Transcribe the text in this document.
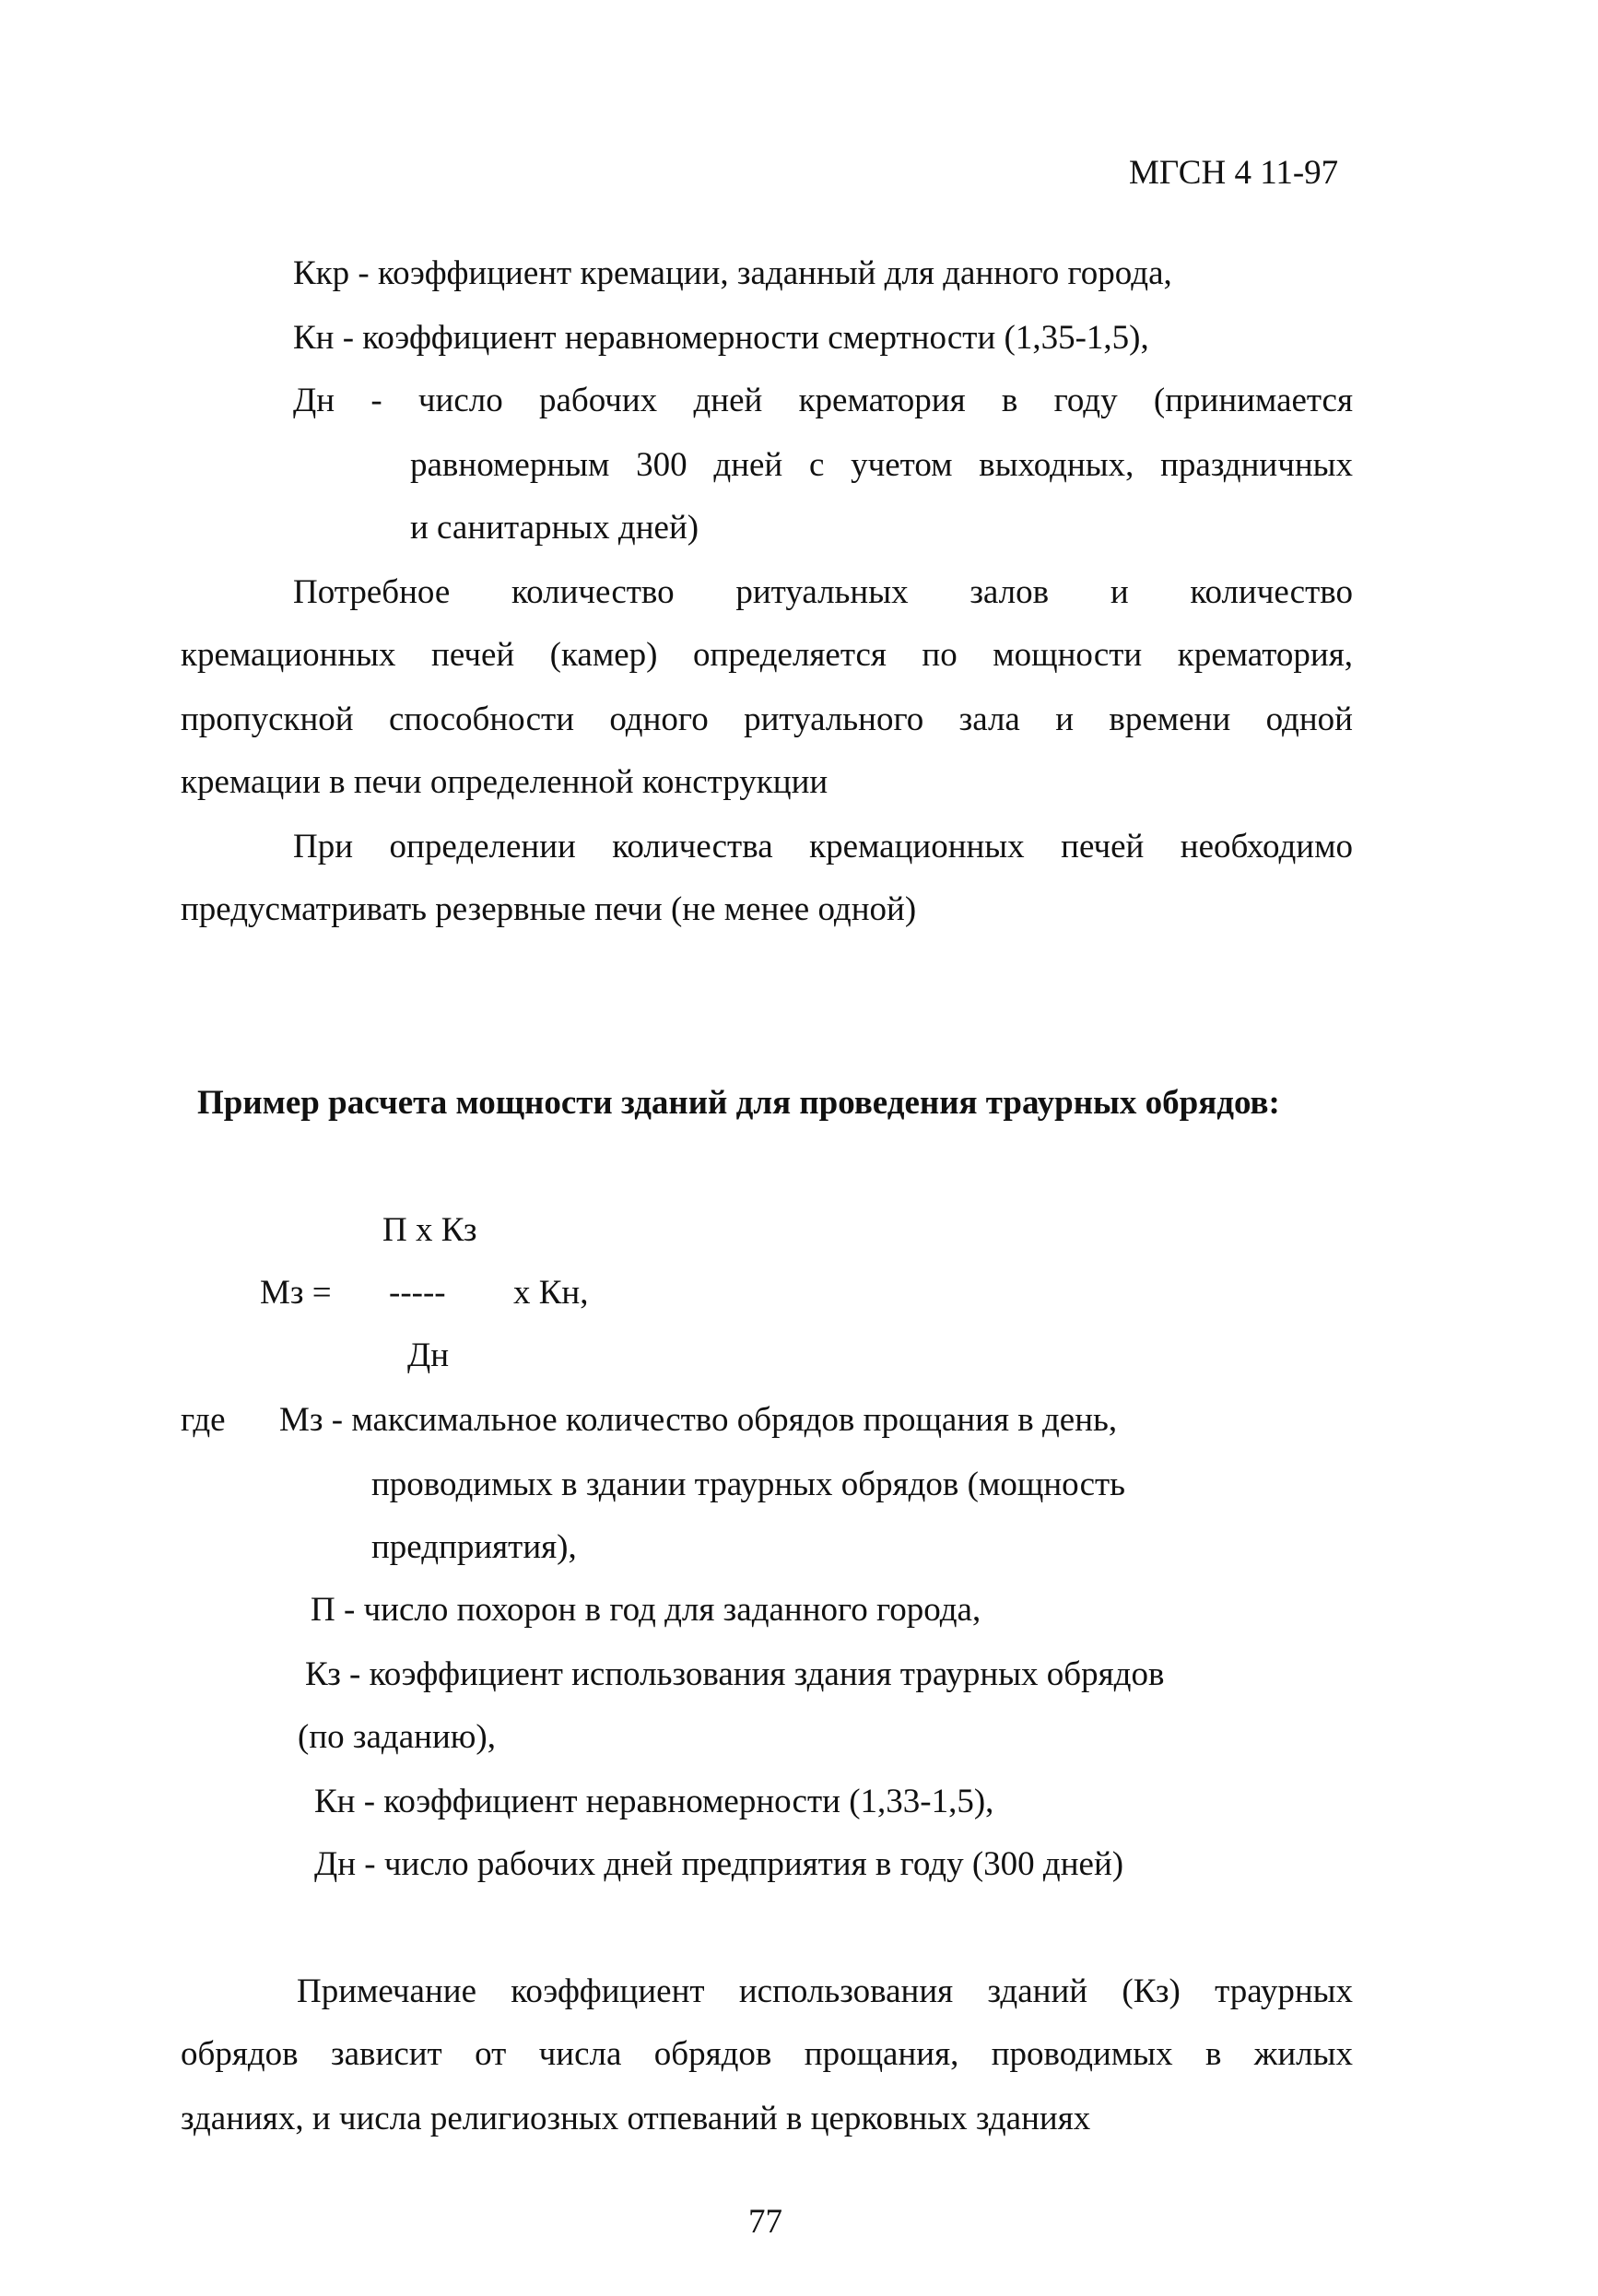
МГСН 4 11-97

Ккр - коэффициент кремации, заданный для данного города,

Кн - коэффициент неравномерности смертности (1,35-1,5),

Дн - число рабочих дней крематория в году (принимается

равномерным 300 дней с учетом выходных, праздничных

и санитарных дней)

Потребное количество ритуальных залов и количество

кремационных печей (камер) определяется по мощности крематория,

пропускной способности одного ритуального зала и времени одной

кремации в печи определенной конструкции

При определении количества кремационных печей необходимо

предусматривать резервные печи (не менее одной)

Пример расчета мощности зданий для проведения траурных обрядов:

П х Кз

Мз = ----- х Кн,

Дн

где Мз - максимальное количество обрядов прощания в день,

проводимых в здании траурных обрядов (мощность

предприятия),

П - число похорон в год для заданного города,

Кз - коэффициент использования здания траурных обрядов

(по заданию),

Кн - коэффициент неравномерности (1,33-1,5),

Дн - число рабочих дней предприятия в году (300 дней)

Примечание коэффициент использования зданий (Кз) траурных

обрядов зависит от числа обрядов прощания, проводимых в жилых

зданиях, и числа религиозных отпеваний в церковных зданиях

77
